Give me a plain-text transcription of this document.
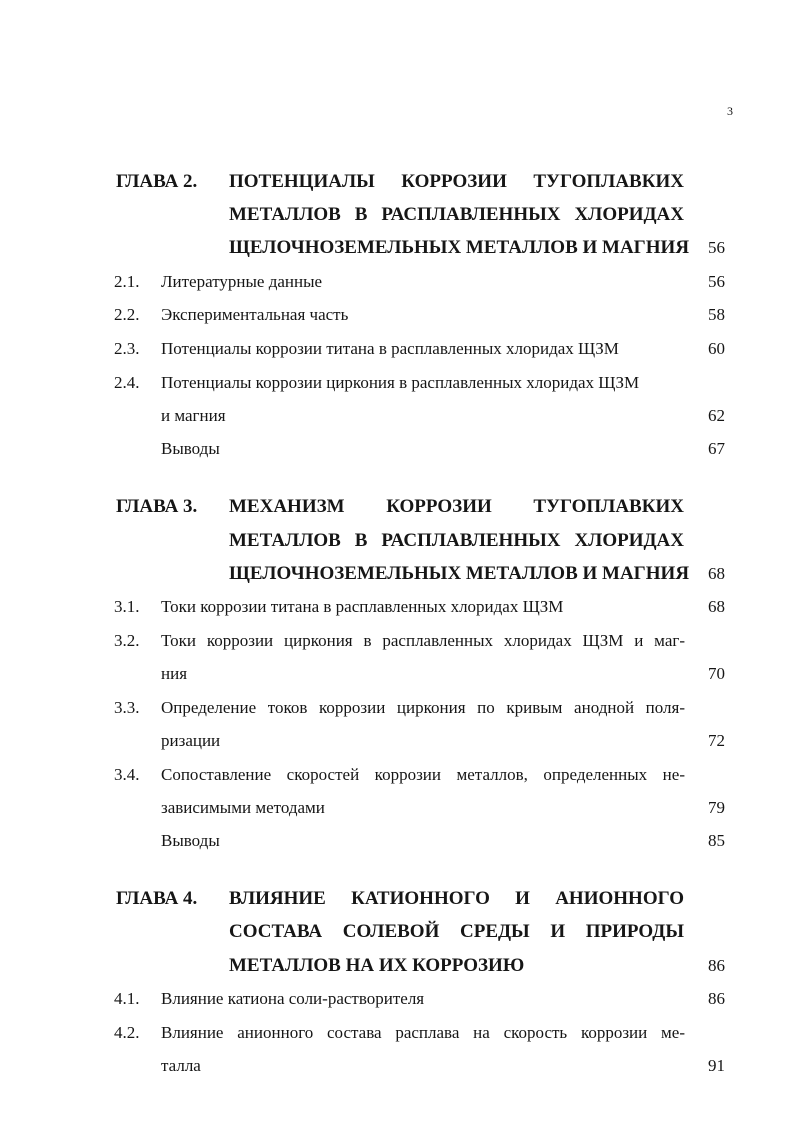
3
ГЛАВА 2. ПОТЕНЦИАЛЫ КОРРОЗИИ ТУГОПЛАВКИХ
МЕТАЛЛОВ В РАСПЛАВЛЕННЫХ ХЛОРИДАХ
ЩЕЛОЧНОЗЕМЕЛЬНЫХ МЕТАЛЛОВ И МАГНИЯ	56
2.1. Литературные данные	56
2.2. Экспериментальная часть	58
2.3. Потенциалы коррозии титана в расплавленных хлоридах ЩЗМ	60
2.4. Потенциалы коррозии циркония в расплавленных хлоридах ЩЗМ
и магния	62
Выводы	67
ГЛАВА 3. МЕХАНИЗМ КОРРОЗИИ ТУГОПЛАВКИХ
МЕТАЛЛОВ В РАСПЛАВЛЕННЫХ ХЛОРИДАХ
ЩЕЛОЧНОЗЕМЕЛЬНЫХ МЕТАЛЛОВ И МАГНИЯ	68
3.1. Токи коррозии титана в расплавленных хлоридах ЩЗМ	68
3.2. Токи коррозии циркония в расплавленных хлоридах ЩЗМ и маг-
ния	70
3.3. Определение токов коррозии циркония по кривым анодной поля-
ризации	72
3.4. Сопоставление скоростей коррозии металлов, определенных не-
зависимыми методами	79
Выводы	85
ГЛАВА 4. ВЛИЯНИЕ КАТИОННОГО И АНИОННОГО
СОСТАВА СОЛЕВОЙ СРЕДЫ И ПРИРОДЫ
МЕТАЛЛОВ НА ИХ КОРРОЗИЮ	86
4.1. Влияние катиона соли-растворителя	86
4.2. Влияние анионного состава расплава на скорость коррозии ме-
талла	91
